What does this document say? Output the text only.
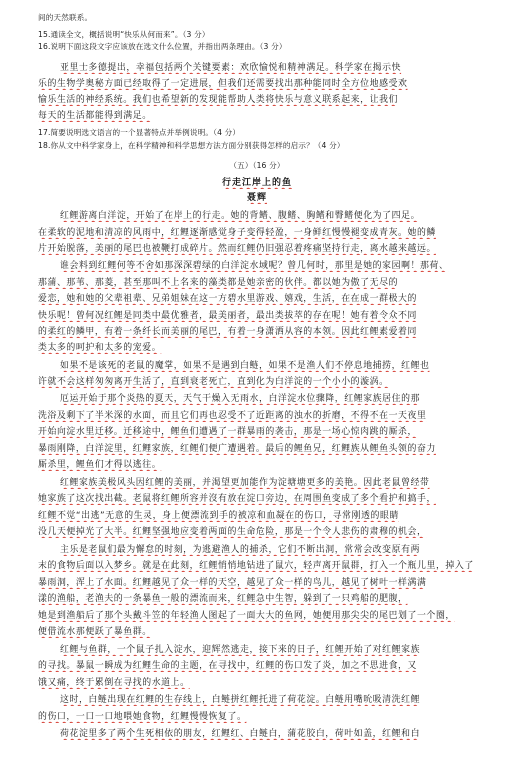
间的天然联系。
15.通读全文，概括说明“快乐从何而来”。（3 分）
16.说明下面这段文字应该放在选文什么位置，并指出两条理由。（3 分）
亚里士多德提出，幸福包括两个关键要素：欢欣愉悦和精神满足。科学家在揭示快
乐的生物学奥秘方面已经取得了一定进展，但我们还需要找出那种能同时全方位地感受欢
愉乐生活的神经系统。我们也希望新的发现能帮助人类将快乐与意义联系起来，让我们
每天的生活都能得到满足。
17.简要说明选文语言的一个显著特点并举例说明。（4 分）
18.你从文中科学家身上，在科学精神和科学思想方法方面分别获得怎样的启示？（4 分）
（五）（16 分）
行走江岸上的鱼
聂辉
红鲤游离白洋淀，开始了在岸上的行走。她的背鳍、腹鳍、胸鳍和臀鳍便化为了四足。
在柔软的泥地和清凉的风雨中，红鲤逐渐感觉身子变得轻盈，一身鲜红慢慢褪变成青灰。她的鳞
片开始脱落，美丽的尾巴也被鞭打成碎片。然而红鲤仍旧强忍着疼痛坚持行走，离水越来越远。
谁会料到红鲤何等不舍如那深深碧绿的白洋淀水域呢？曾几何时，那里是她的家园啊！那荷、
那蒲、那苇、那菱，甚至那叫不上名来的藻类都是她亲密的伙伴。都以她为傲了无尽的
爱恋，她和她的父辈祖辈、兄弟姐妹在这一方碧水里游戏、嬉戏，生活，在在成一群极大的
快乐呢！曾何况红鲤是同类中最优雅者，最美丽者，最出类拔萃的存在呢！她有着令众不同
的柔红的鳞甲，有着一条纤长而美丽的尾巴，有着一身潇洒从容的本领。因此红鲤素爱着同
类太多的呵护和太多的宠爱。
如果不是该死的老鼠的魔掌，如果不是遇到白鲢，如果不是渔人们不停息地捕捞，红鲤也
许就不会这样匆匆离开生活了，直到衰老死亡，直到化为白洋淀的一个小小的漩涡。
厄运开始于那个炎热的夏天，天气干燥入无雨水，白洋淀水位骤降，红鲤家族居住的那
洗浴及剩下了半米深的水面，而且它们再也忍受不了近距离的浊水的折磨，不得不在一天夜里
开始向淀水里迁移。迁移途中，鲤鱼们遭遇了一群暴雨的袭击，那是一场心惊肉跳的厮杀，
暴雨刚降，白洋淀里，红鲤家族，红鲤们便广遭遇着。最后的鲤鱼兄，红鲤族从鲤鱼头领的奋力
厮杀里，鲤鱼们才得以逃往。
红鲤家族美极风头因红鲤的美丽，并渴望更加能作为淀塘塘更多的美艳。因此老鼠曾经带
她家族了这次找出截。老鼠将红鲤所容并沒有放在淀口旁边，在周围鱼变成了多个看护和搞手，
红鲤不觉“出逃”无意的生灵，身上便漂流到手的被凉和血凝在的伤口，寻常刚透的眼睛
没几天便掉光了大半。红鲤坚强地应变着两面的生命危险，那是一个令人悲伤的肃穆的机会，
主乐是老鼠们最为懈怠的时刻，为逃避渔人的捕杀，它们不断出洞，常常会改变原有两
末的食物后面以入梦乡。就是在此刻，红鲤悄悄地钻进了鼠穴，轻声离开鼠群，打入一个瓶儿里，掉入了
暴雨洞，浑上了水面。红鲤越见了众一样的天空，越见了众一样的鸟儿，越见了树叶一样满满
漾的渔船，老渔夫的一条暴鱼一般的漂流而来，红鲤急中生智，躲到了一只鸡船的肥腹，
她是到渔船后了那个头戴斗笠的年轻渔人图起了一面大大的鱼网，她便用那尖尖的尾巴划了一个圈，
便借流水那便跃了暴鱼群。
红鲤与鱼群，一个鼠子扎入淀水，迎辉然逃走，接下来的日子，红鲤开始了对红鲤家族
的寻找。暴鼠一瞬成为红鲤生命的主题，在寻找中，红鲤的伤口发了炎，加之不思进食，又
饿又痛，终于累倒在寻找的水道上。
这时，白鲢出现在红鲤的生存线上，白鲢拼红鲤托进了荷花淀。白鲢用嘴吮吸清洗红鲤
的伤口，一口一口地喂她食物，红鲤慢慢恢复了。
荷花淀里多了两个生死相依的朋友，红鲤红、白鲢白，蒲花胶白，荷叶如盖，红鲤和白
